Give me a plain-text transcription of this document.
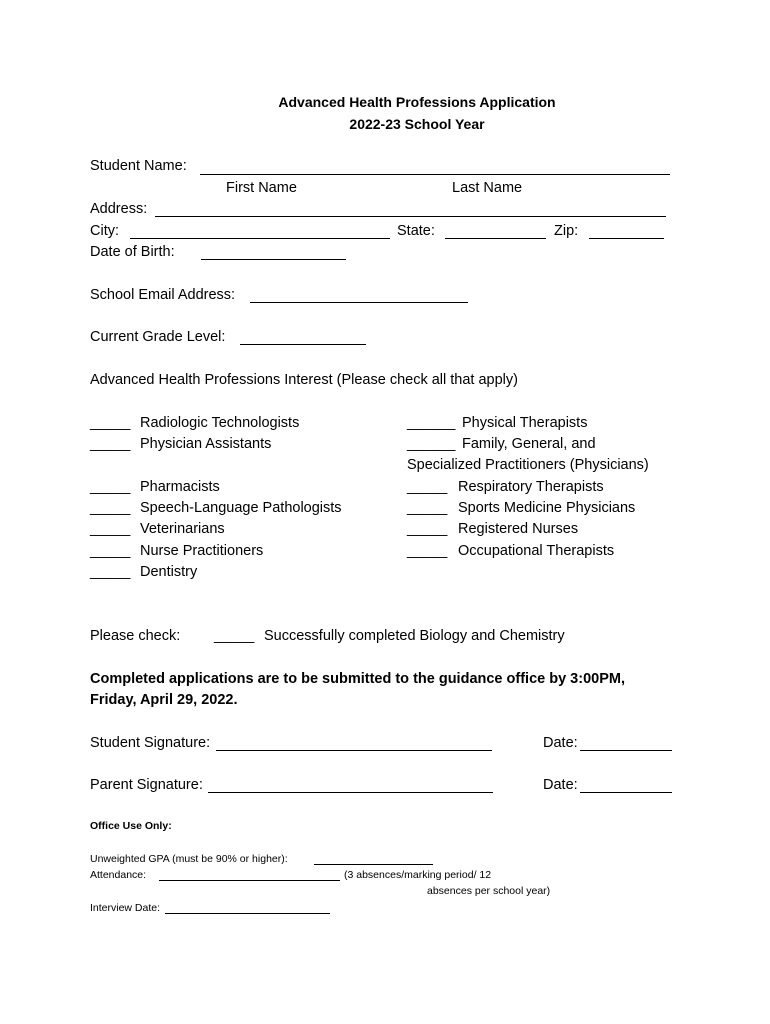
Advanced Health Professions Application
2022-23 School Year
Student Name:
First Name	Last Name
Address:
City:	State:	Zip:
Date of Birth:
School Email Address:
Current Grade Level:
Advanced Health Professions Interest (Please check all that apply)
_____ Radiologic Technologists
_____ Physician Assistants
_____ Pharmacists
_____ Speech-Language Pathologists
_____ Veterinarians
_____ Nurse Practitioners
_____ Dentistry
______ Physical Therapists
______ Family, General, and
Specialized Practitioners (Physicians)
_____ Respiratory Therapists
_____ Sports Medicine Physicians
_____ Registered Nurses
_____ Occupational Therapists
Please check: _____ Successfully completed Biology and Chemistry
Completed applications are to be submitted to the guidance office by 3:00PM,
Friday, April 29, 2022.
Student Signature:	Date:
Parent Signature:	Date:
Office Use Only:
Unweighted GPA (must be 90% or higher):
Attendance:	(3 absences/marking period/ 12
absences per school year)
Interview Date:
